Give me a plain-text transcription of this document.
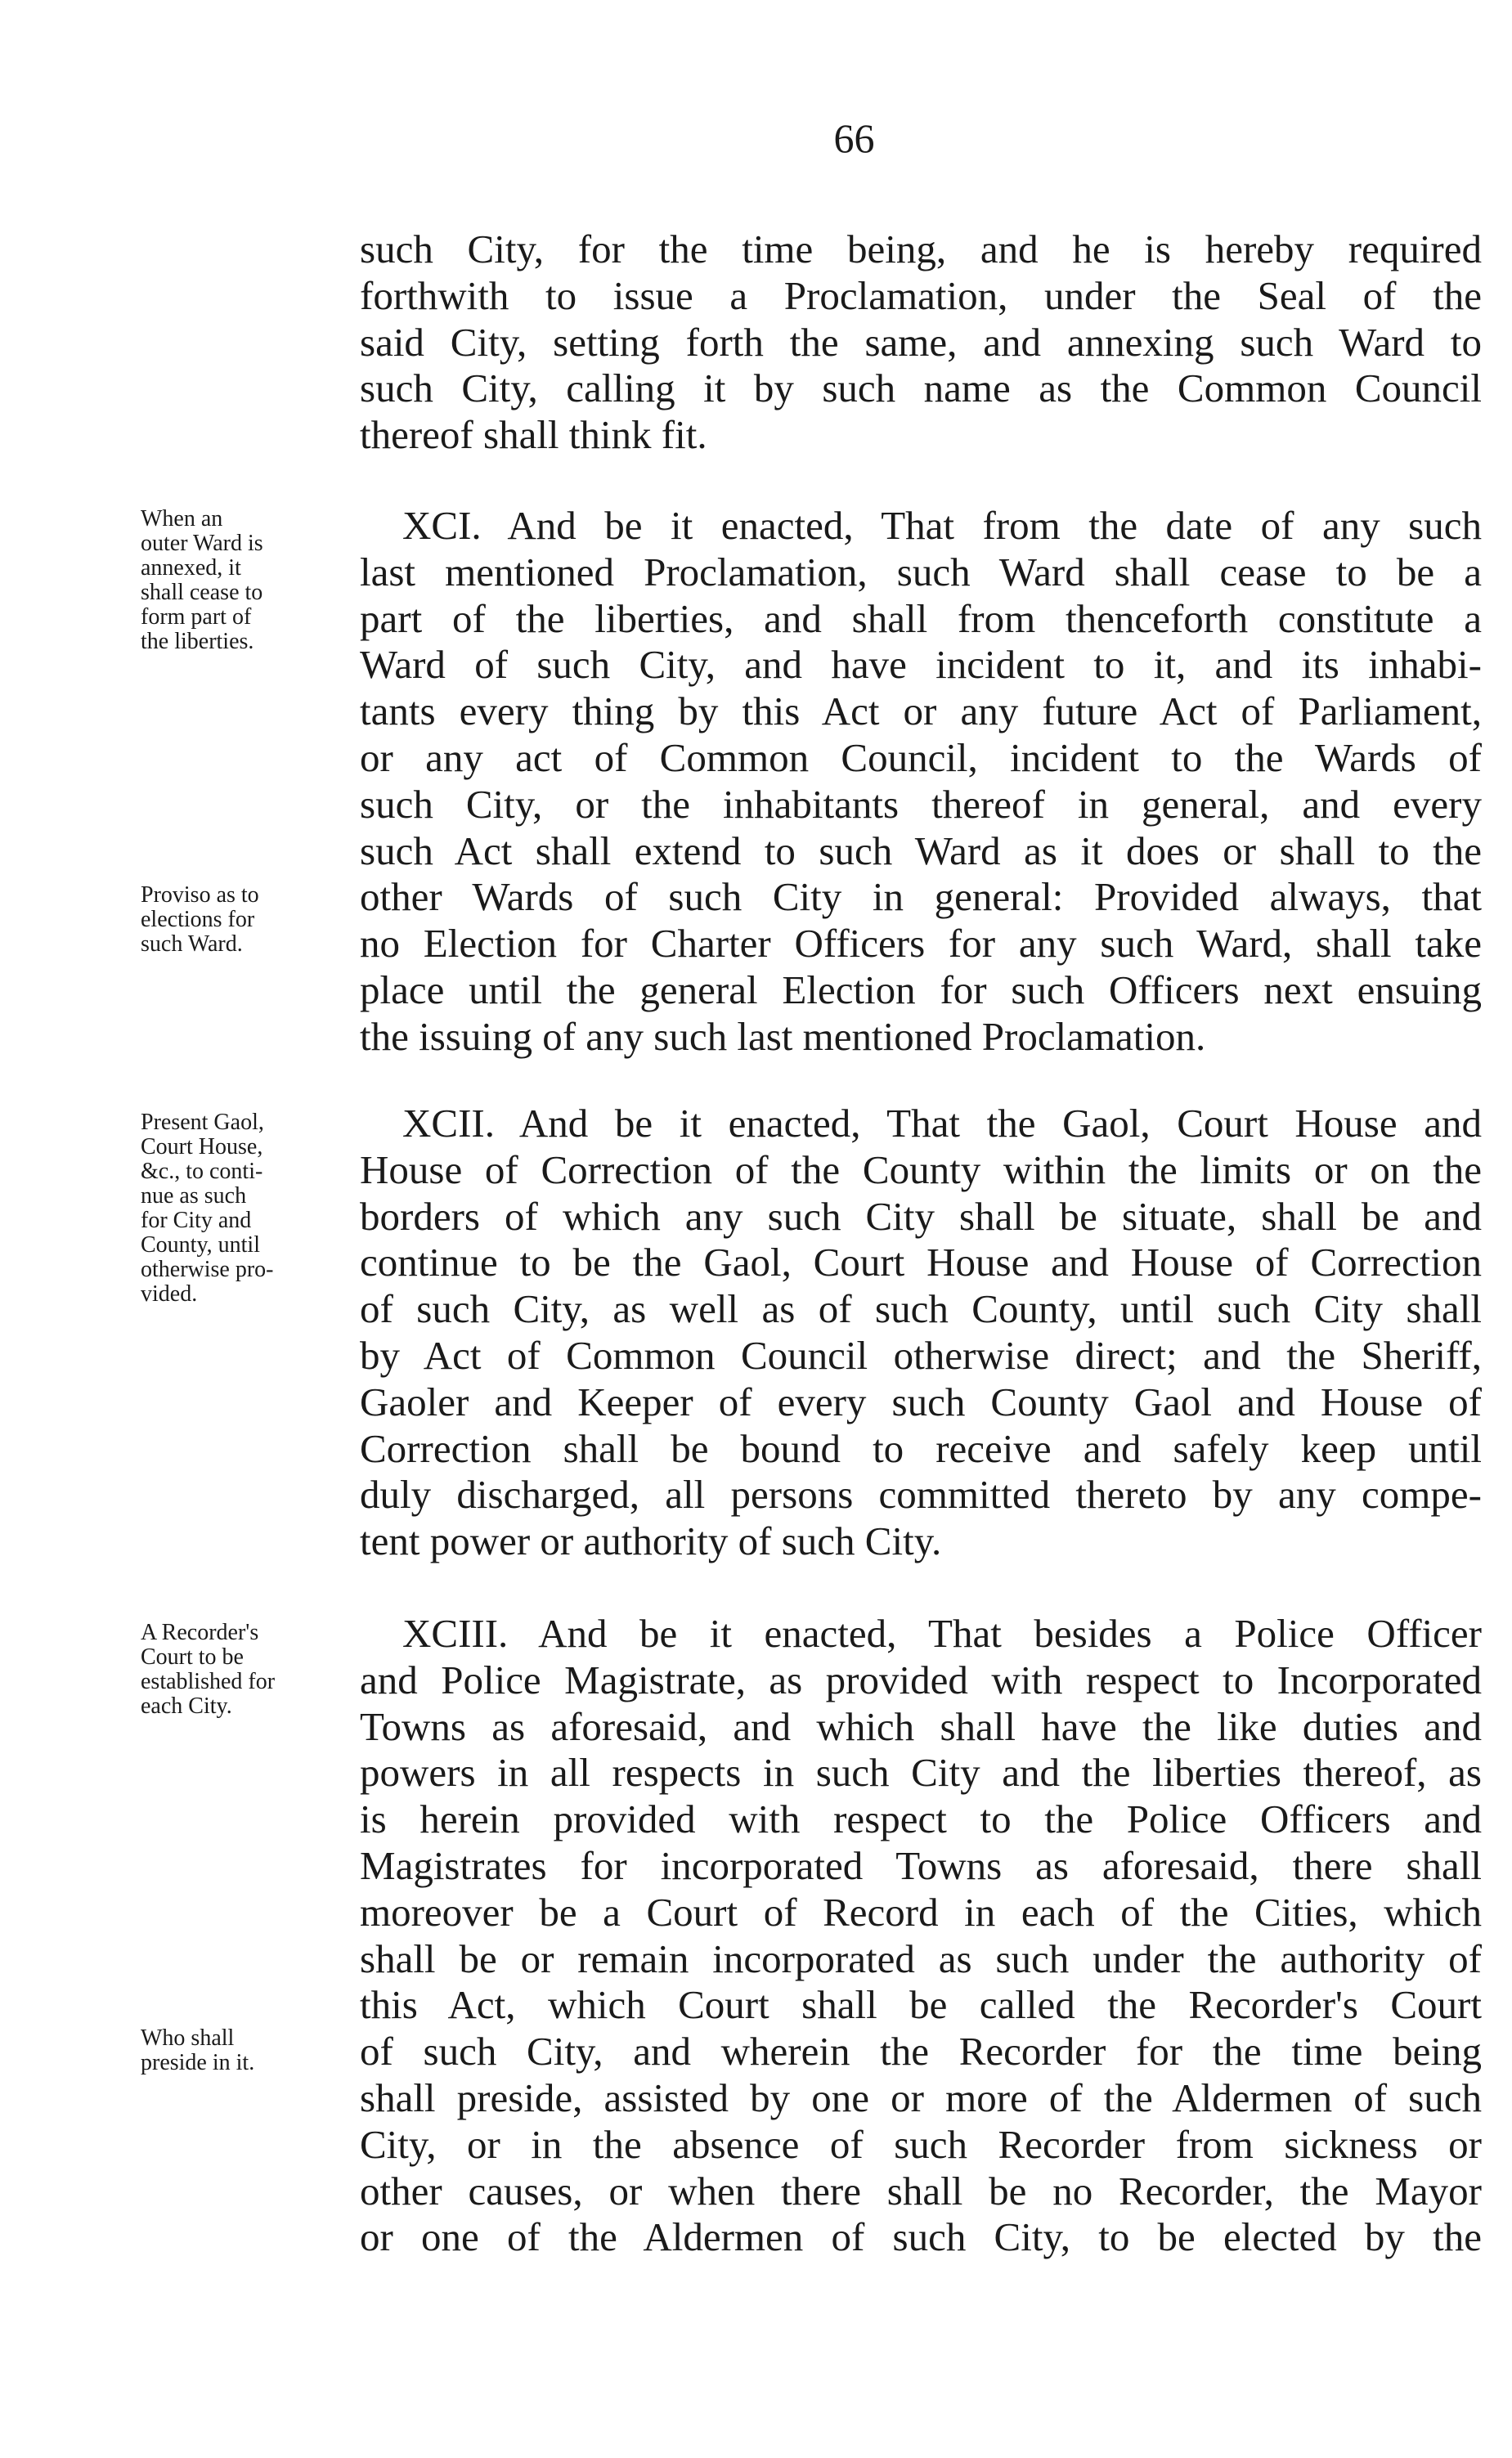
66
such City, for the time being, and he is hereby required
forthwith to issue a Proclamation, under the Seal of the
said City, setting forth the same, and annexing such Ward to
such City, calling it by such name as the Common Council
thereof shall think fit.
XCI. And be it enacted, That from the date of any such
last mentioned Proclamation, such Ward shall cease to be a
part of the liberties, and shall from thenceforth constitute a
Ward of such City, and have incident to it, and its inhabi-
tants every thing by this Act or any future Act of Parliament,
or any act of Common Council, incident to the Wards of
such City, or the inhabitants thereof in general, and every
such Act shall extend to such Ward as it does or shall to the
other Wards of such City in general: Provided always, that
no Election for Charter Officers for any such Ward, shall take
place until the general Election for such Officers next ensuing
the issuing of any such last mentioned Proclamation.
XCII. And be it enacted, That the Gaol, Court House and
House of Correction of the County within the limits or on the
borders of which any such City shall be situate, shall be and
continue to be the Gaol, Court House and House of Correction
of such City, as well as of such County, until such City shall
by Act of Common Council otherwise direct; and the Sheriff,
Gaoler and Keeper of every such County Gaol and House of
Correction shall be bound to receive and safely keep until
duly discharged, all persons committed thereto by any compe-
tent power or authority of such City.
XCIII. And be it enacted, That besides a Police Officer
and Police Magistrate, as provided with respect to Incorporated
Towns as aforesaid, and which shall have the like duties and
powers in all respects in such City and the liberties thereof, as
is herein provided with respect to the Police Officers and
Magistrates for incorporated Towns as aforesaid, there shall
moreover be a Court of Record in each of the Cities, which
shall be or remain incorporated as such under the authority of
this Act, which Court shall be called the Recorder's Court
of such City, and wherein the Recorder for the time being
shall preside, assisted by one or more of the Aldermen of such
City, or in the absence of such Recorder from sickness or
other causes, or when there shall be no Recorder, the Mayor
or one of the Aldermen of such City, to be elected by the
When an
outer Ward is
annexed, it
shall cease to
form part of
the liberties.
Proviso as to
elections for
such Ward.
Present Gaol,
Court House,
&c., to conti-
nue as such
for City and
County, until
otherwise pro-
vided.
A Recorder's
Court to be
established for
each City.
Who shall
preside in it.
